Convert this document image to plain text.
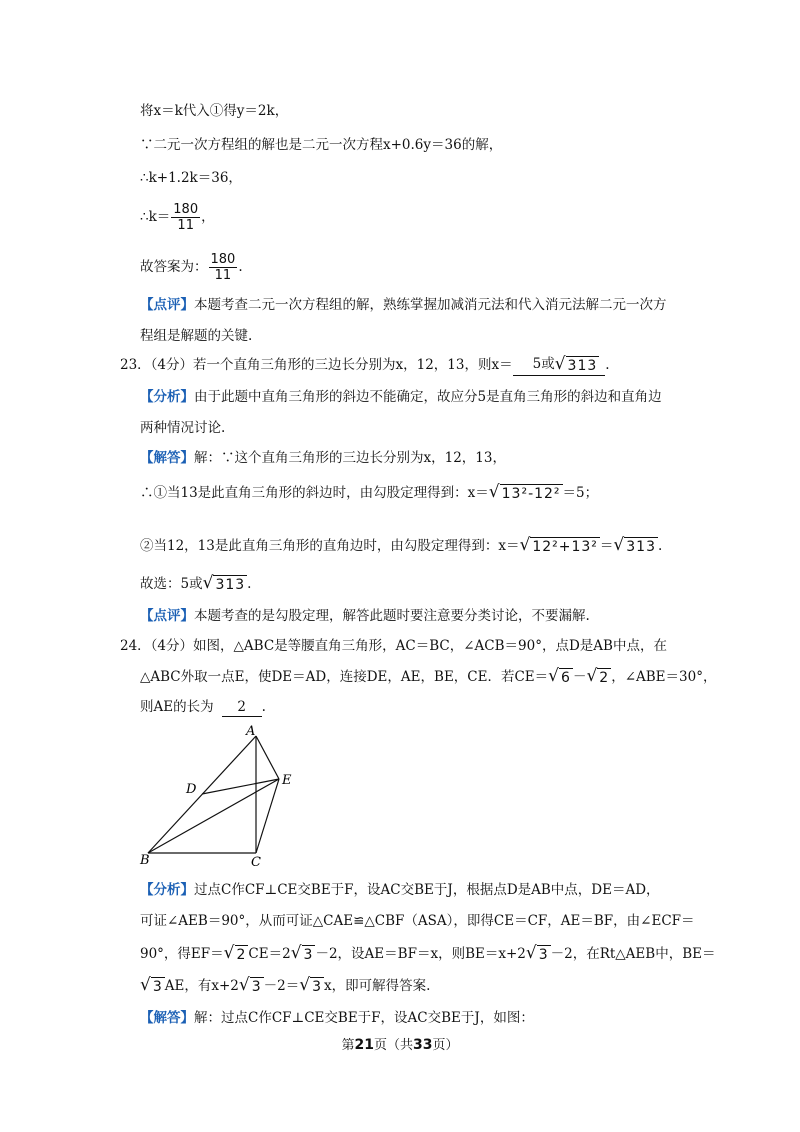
将x＝k代入①得y＝2k，
∵二元一次方程组的解也是二元一次方程x+0.6y＝36的解，
∴k+1.2k＝36，
∴k＝ $\frac{180}{11}$ ，
故答案为： $\frac{180}{11}$ .
【点评】本题考查二元一次方程组的解，熟练掌握加减消元法和代入消元法解二元一次方
程组是解题的关键.
23．（4分）若一个直角三角形的三边长分别为x，12，13，则x＝	5或 √ 313 .
【分析】由于此题中直角三角形的斜边不能确定，故应分5是直角三角形的斜边和直角边
两种情况讨论.
【解答】解：∵这个直角三角形的三边长分别为x，12，13，
∴①当13是此直角三角形的斜边时，由勾股定理得到：x＝ √ 13²-12² ＝5；
②当12，13是此直角三角形的直角边时，由勾股定理得到：x＝ √ 12²+13² ＝ √ 313 .
故选：5或 √ 313 .
【点评】本题考查的是勾股定理，解答此题时要注意要分类讨论，不要漏解.
24．（4分）如图，△ABC是等腰直角三角形，AC＝BC，∠ACB＝90°，点D是AB中点，在
△ABC外取一点E，使DE＝AD，连接DE，AE，BE，CE．若CE＝ √ 6 － √ 2 ，∠ABE＝30°，
则AE的长为	2	.
A
B	C
D
E
【分析】过点C作CF⊥CE交BE于F，设AC交BE于J，根据点D是AB中点，DE＝AD，
可证∠AEB＝90°，从而可证△CAE≌△CBF（ASA），即得CE＝CF，AE＝BF，由∠ECF＝
90°，得EF＝ √ 2 CE＝2 √ 3 －2，设AE＝BF＝x，则BE＝x+2 √ 3 －2，在Rt△AEB中，BE＝
√ 3 AE，有x+2 √ 3 －2＝ √ 3 x，即可解得答案.
【解答】解：过点C作CF⊥CE交BE于F，设AC交BE于J，如图：
第21页（共33页）
